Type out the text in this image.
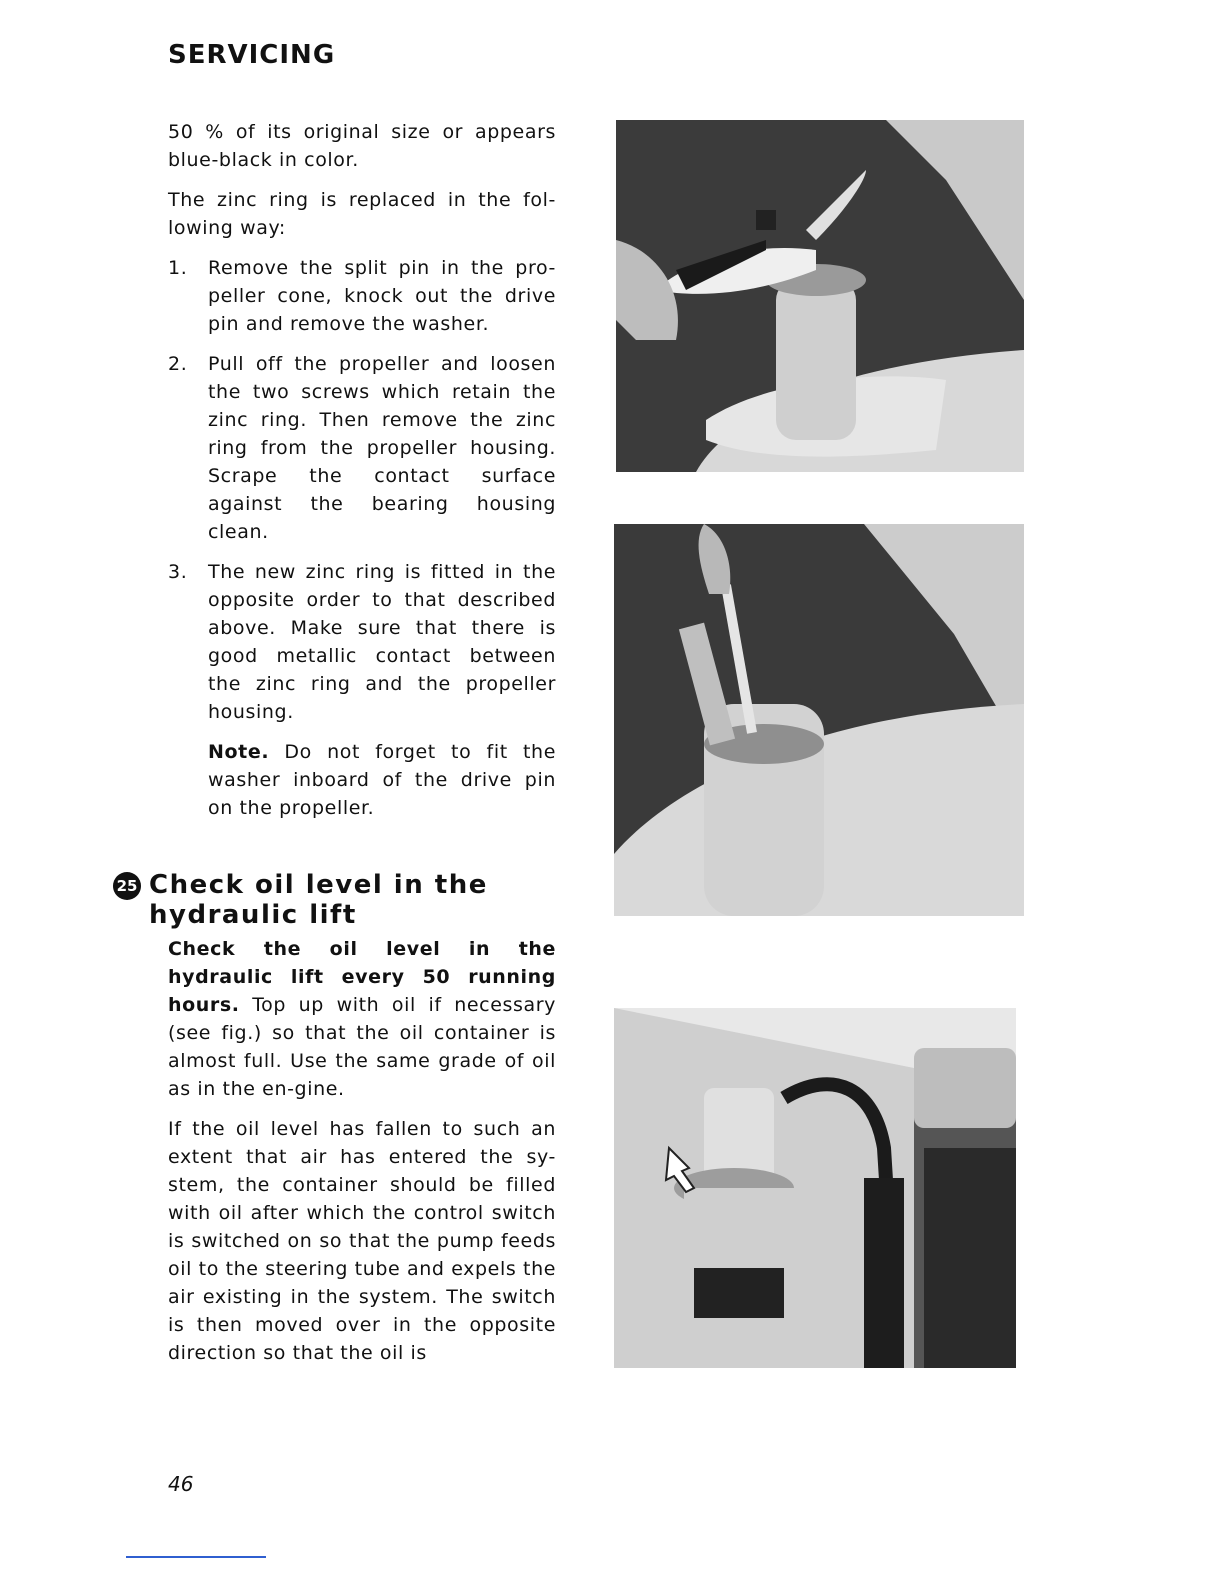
SERVICING

50 % of its original size or appears blue-black in color.

The zinc ring is replaced in the fol-lowing way:

1. Remove the split pin in the pro-peller cone, knock out the drive pin and remove the washer.
2. Pull off the propeller and loosen the two screws which retain the zinc ring. Then remove the zinc ring from the propeller housing. Scrape the contact surface against the bearing housing clean.
3. The new zinc ring is fitted in the opposite order to that described above. Make sure that there is good metallic contact between the zinc ring and the propeller housing.

Note. Do not forget to fit the washer inboard of the drive pin on the propeller.

25 Check oil level in the
hydraulic lift

Check the oil level in the hydraulic lift every 50 running hours. Top up with oil if necessary (see fig.) so that the oil container is almost full. Use the same grade of oil as in the en-gine.

If the oil level has fallen to such an extent that air has entered the sy-stem, the container should be filled with oil after which the control switch is switched on so that the pump feeds oil to the steering tube and expels the air existing in the system. The switch is then moved over in the opposite direction so that the oil is

46
